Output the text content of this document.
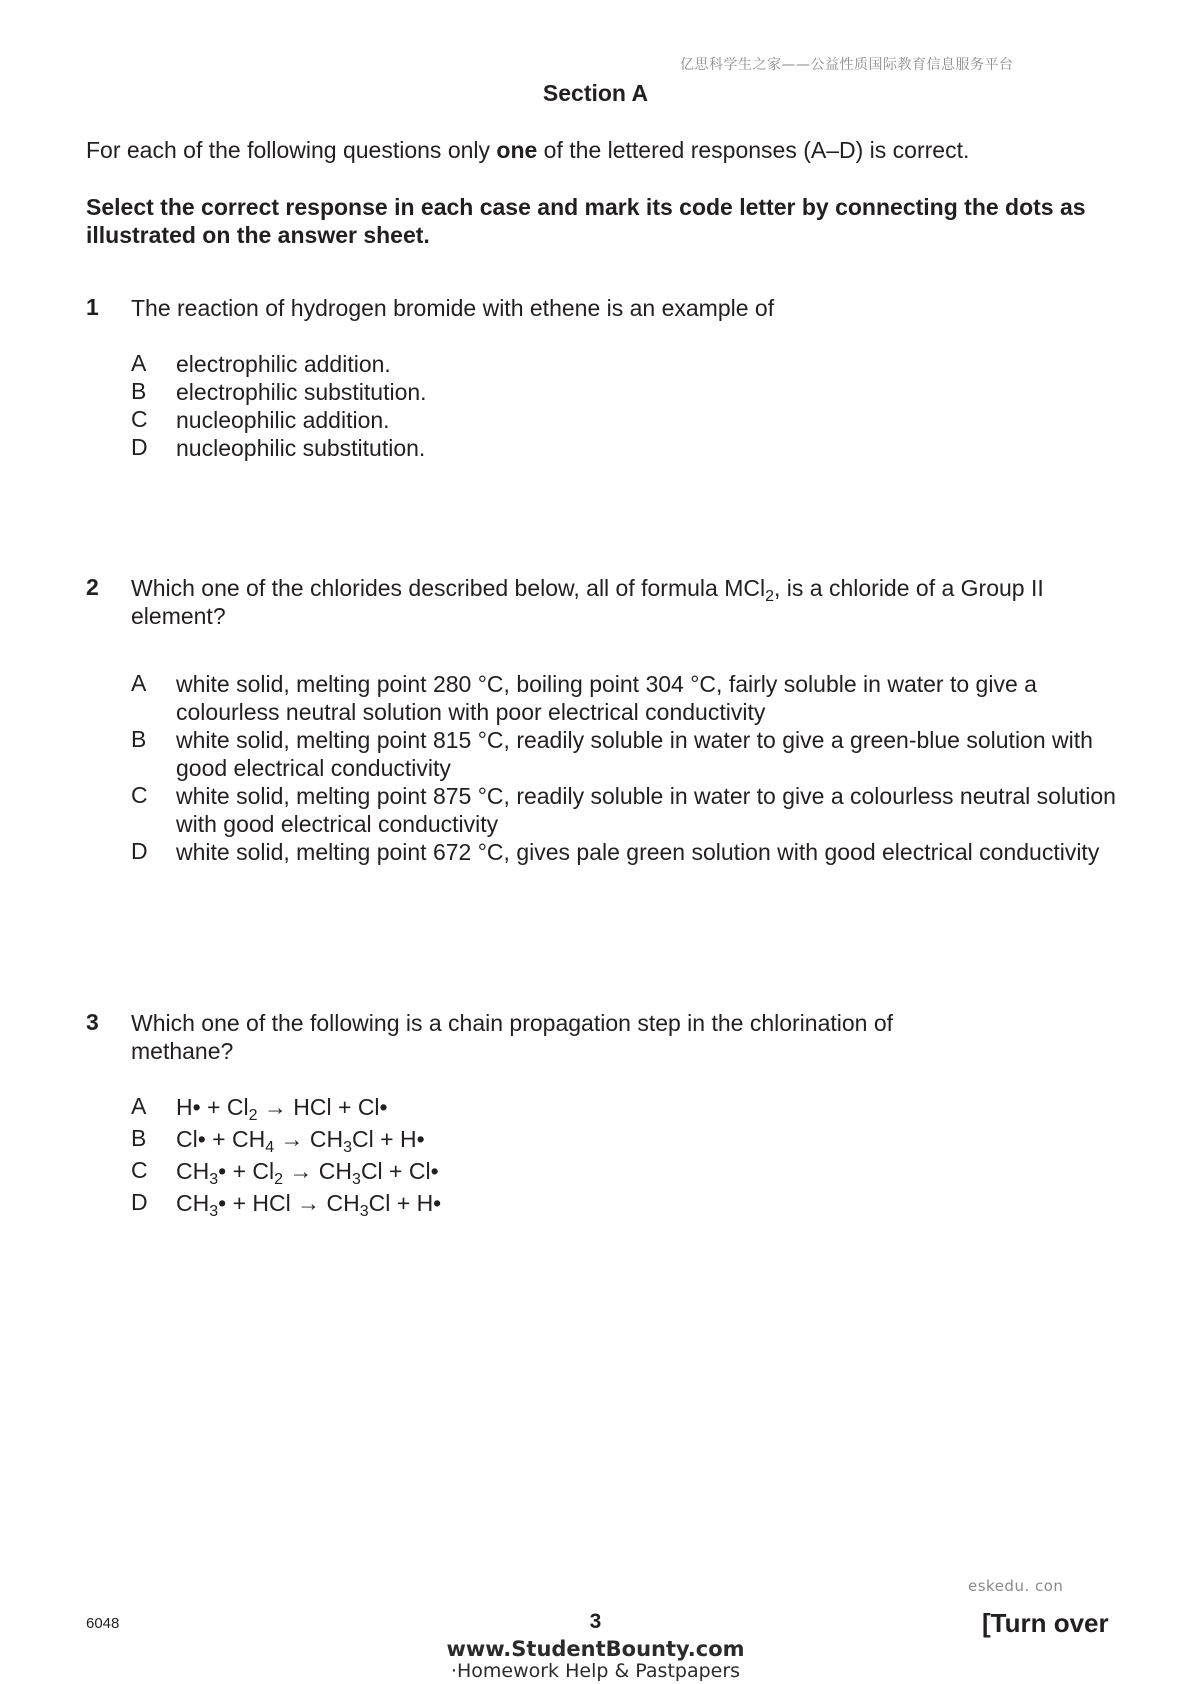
亿思科学生之家——公益性质国际教育信息服务平台
Section A
For each of the following questions only one of the lettered responses (A–D) is correct.
Select the correct response in each case and mark its code letter by connecting the dots as illustrated on the answer sheet.
1 The reaction of hydrogen bromide with ethene is an example of
A electrophilic addition.
B electrophilic substitution.
C nucleophilic addition.
D nucleophilic substitution.
2 Which one of the chlorides described below, all of formula MCl$_2$, is a chloride of a Group II element?
A white solid, melting point 280 °C, boiling point 304 °C, fairly soluble in water to give a colourless neutral solution with poor electrical conductivity
B white solid, melting point 815 °C, readily soluble in water to give a green-blue solution with good electrical conductivity
C white solid, melting point 875 °C, readily soluble in water to give a colourless neutral solution with good electrical conductivity
D white solid, melting point 672 °C, gives pale green solution with good electrical conductivity
3 Which one of the following is a chain propagation step in the chlorination of methane?
A H• + $Cl_2$ → HCl + Cl•
B Cl• + $CH_4 \to CH_3Cl$ + H•
C $CH_3• + Cl_2 \to CH_3Cl$ + Cl•
D $CH_3•$ + HCl → $CH_3Cl$ + H•
eskedu. con
6048	3	[Turn over
www.StudentBounty.com
·Homework Help & Pastpapers
